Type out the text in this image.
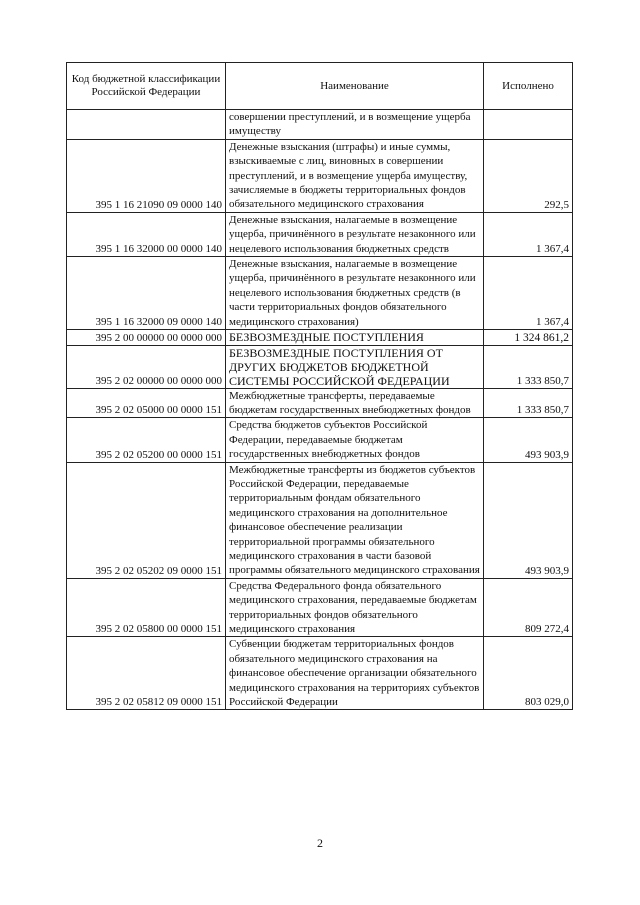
Код бюджетной классификации Российской Федерации	Наименование	Исполнено
	совершении преступлений, и в возмещение ущерба имуществу	
395 1 16 21090 09 0000 140	Денежные взыскания (штрафы) и иные суммы, взыскиваемые с лиц, виновных в совершении преступлений, и в возмещение ущерба имуществу, зачисляемые в бюджеты территориальных фондов обязательного медицинского страхования	292,5
395 1 16 32000 00 0000 140	Денежные взыскания, налагаемые в возмещение ущерба, причинённого в результате незаконного или нецелевого использования бюджетных средств	1 367,4
395 1 16 32000 09 0000 140	Денежные взыскания, налагаемые в возмещение ущерба, причинённого в результате незаконного или нецелевого использования бюджетных средств (в части территориальных фондов обязательного медицинского страхования)	1 367,4
395 2 00 00000 00 0000 000	БЕЗВОЗМЕЗДНЫЕ ПОСТУПЛЕНИЯ	1 324 861,2
395 2 02 00000 00 0000 000	БЕЗВОЗМЕЗДНЫЕ ПОСТУПЛЕНИЯ ОТ ДРУГИХ БЮДЖЕТОВ БЮДЖЕТНОЙ СИСТЕМЫ РОССИЙСКОЙ ФЕДЕРАЦИИ	1 333 850,7
395 2 02 05000 00 0000 151	Межбюджетные трансферты, передаваемые бюджетам государственных внебюджетных фондов	1 333 850,7
395 2 02 05200 00 0000 151	Средства бюджетов субъектов Российской Федерации, передаваемые бюджетам государственных внебюджетных фондов	493 903,9
395 2 02 05202 09 0000 151	Межбюджетные трансферты из бюджетов субъектов Российской Федерации, передаваемые территориальным фондам обязательного медицинского страхования на дополнительное финансовое обеспечение реализации территориальной программы обязательного медицинского страхования в части базовой программы обязательного медицинского страхования	493 903,9
395 2 02 05800 00 0000 151	Средства Федерального фонда обязательного медицинского страхования, передаваемые бюджетам территориальных фондов обязательного медицинского страхования	809 272,4
395 2 02 05812 09 0000 151	Субвенции бюджетам территориальных фондов обязательного медицинского страхования на финансовое обеспечение организации обязательного медицинского страхования на территориях субъектов Российской Федерации	803 029,0
2
